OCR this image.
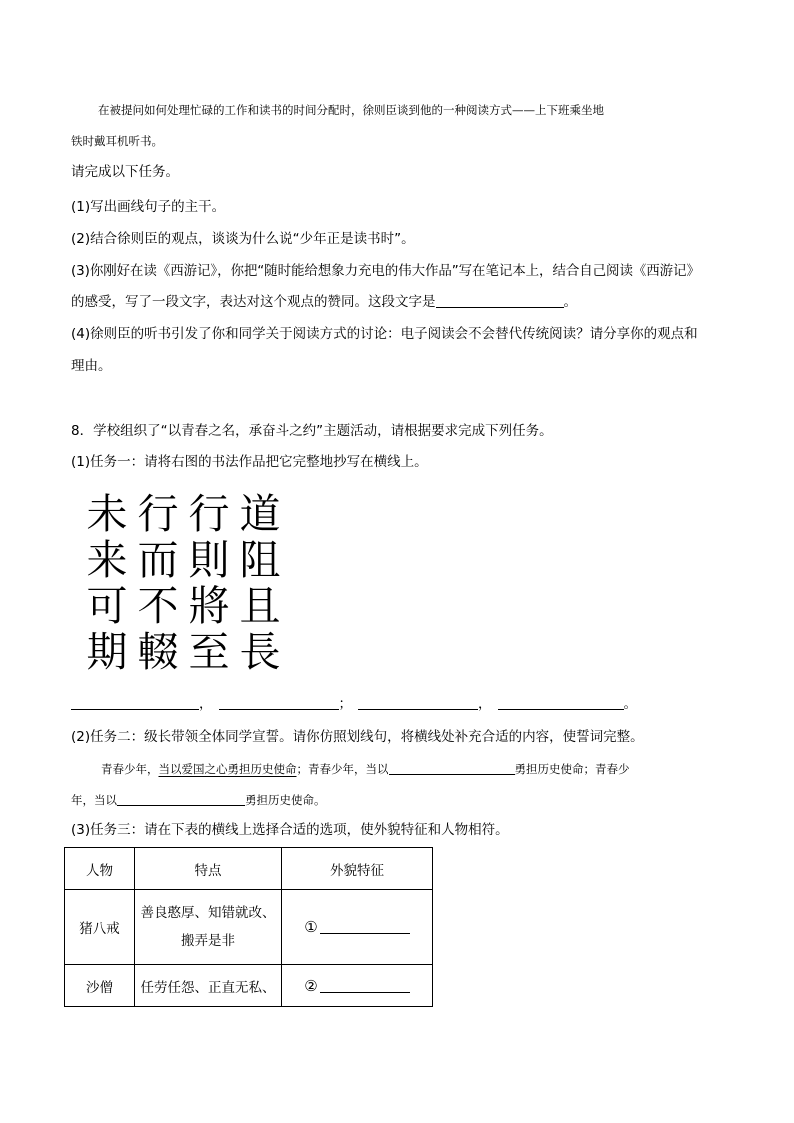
在被提问如何处理忙碌的工作和读书的时间分配时，徐则臣谈到他的一种阅读方式——上下班乘坐地
铁时戴耳机听书。
请完成以下任务。
(1)写出画线句子的主干。
(2)结合徐则臣的观点，谈谈为什么说“少年正是读书时”。
(3)你刚好在读《西游记》，你把“随时能给想象力充电的伟大作品”写在笔记本上，结合自己阅读《西游记》
的感受，写了一段文字，表达对这个观点的赞同。这段文字是	。
(4)徐则臣的听书引发了你和同学关于阅读方式的讨论：电子阅读会不会替代传统阅读？请分享你的观点和
理由。
8．学校组织了“以青春之名，承奋斗之约”主题活动，请根据要求完成下列任务。
(1)任务一：请将右图的书法作品把它完整地抄写在横线上。
道
阻
且
長
行
則
將
至
行
而
不
輟
未
来
可
期
，	；	，	。
(2)任务二：级长带领全体同学宣誓。请你仿照划线句，将横线处补充合适的内容，使誓词完整。
青春少年，当以爱国之心勇担历史使命；青春少年，当以	勇担历史使命；青春少
年，当以	勇担历史使命。
(3)任务三：请在下表的横线上选择合适的选项，使外貌特征和人物相符。
人物	特点	外貌特征
猪八戒	善良憨厚、知错就改、
搬弄是非	①
沙僧	任劳任怨、正直无私、	②
